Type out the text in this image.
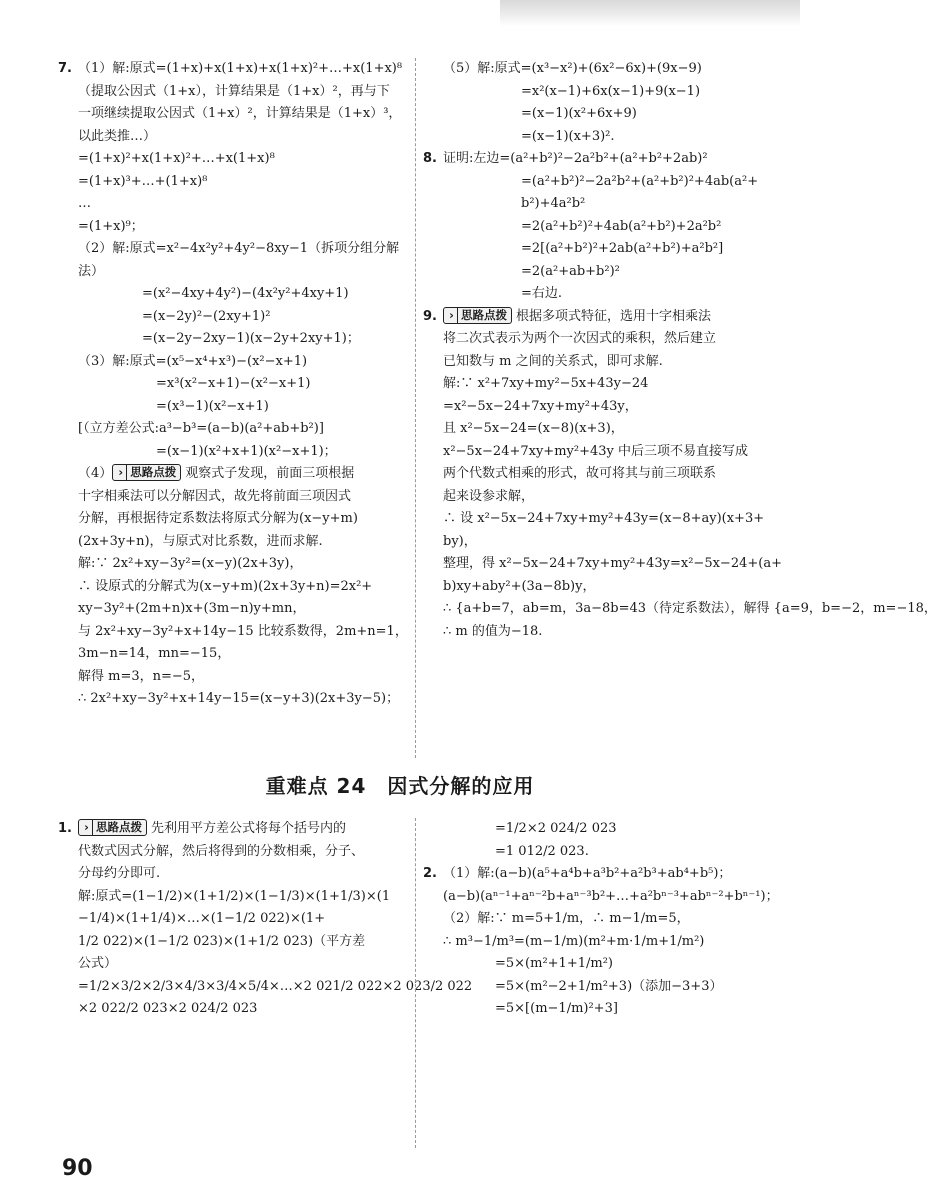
7. （1）解:原式=(1+x)+x(1+x)+x(1+x)²+…+x(1+x)⁸
（提取公因式（1+x），计算结果是（1+x）²，再与下
一项继续提取公因式（1+x）²，计算结果是（1+x）³，
以此类推…）
=(1+x)²+x(1+x)²+…+x(1+x)⁸
=(1+x)³+…+(1+x)⁸
…
=(1+x)⁹；
（2）解:原式=x²−4x²y²+4y²−8xy−1（拆项分组分解
法）
=(x²−4xy+4y²)−(4x²y²+4xy+1)
=(x−2y)²−(2xy+1)²
=(x−2y−2xy−1)(x−2y+2xy+1)；
（3）解:原式=(x⁵−x⁴+x³)−(x²−x+1)
=x³(x²−x+1)−(x²−x+1)
=(x³−1)(x²−x+1)
[（立方差公式:a³−b³=(a−b)(a²+ab+b²)]
=(x−1)(x²+x+1)(x²−x+1)；
（4） › 思路点拨 观察式子发现，前面三项根据
十字相乘法可以分解因式，故先将前面三项因式
分解，再根据待定系数法将原式分解为(x−y+m)
(2x+3y+n)，与原式对比系数，进而求解.
解:∵ 2x²+xy−3y²=(x−y)(2x+3y)，
∴ 设原式的分解式为(x−y+m)(2x+3y+n)=2x²+
xy−3y²+(2m+n)x+(3m−n)y+mn，
与 2x²+xy−3y²+x+14y−15 比较系数得，2m+n=1，
3m−n=14，mn=−15，
解得 m=3，n=−5，
∴ 2x²+xy−3y²+x+14y−15=(x−y+3)(2x+3y−5)；
（5）解:原式=(x³−x²)+(6x²−6x)+(9x−9)
=x²(x−1)+6x(x−1)+9(x−1)
=(x−1)(x²+6x+9)
=(x−1)(x+3)².
8. 证明:左边=(a²+b²)²−2a²b²+(a²+b²+2ab)²
=(a²+b²)²−2a²b²+(a²+b²)²+4ab(a²+
b²)+4a²b²
=2(a²+b²)²+4ab(a²+b²)+2a²b²
=2[(a²+b²)²+2ab(a²+b²)+a²b²]
=2(a²+ab+b²)²
=右边.
9. › 思路点拨 根据多项式特征，选用十字相乘法
将二次式表示为两个一次因式的乘积，然后建立
已知数与 m 之间的关系式，即可求解.
解:∵ x²+7xy+my²−5x+43y−24
=x²−5x−24+7xy+my²+43y，
且 x²−5x−24=(x−8)(x+3)，
x²−5x−24+7xy+my²+43y 中后三项不易直接写成
两个代数式相乘的形式，故可将其与前三项联系
起来设参求解，
∴ 设 x²−5x−24+7xy+my²+43y=(x−8+ay)(x+3+
by)，
整理，得 x²−5x−24+7xy+my²+43y=x²−5x−24+(a+
b)xy+aby²+(3a−8b)y，
∴ {a+b=7，ab=m，3a−8b=43（待定系数法），解得 {a=9，b=−2，m=−18，
∴ m 的值为−18.
重难点 24　因式分解的应用
1. › 思路点拨 先利用平方差公式将每个括号内的
代数式因式分解，然后将得到的分数相乘，分子、
分母约分即可.
解:原式=(1−1/2)×(1+1/2)×(1−1/3)×(1+1/3)×(1
−1/4)×(1+1/4)×…×(1−1/2 022)×(1+
1/2 022)×(1−1/2 023)×(1+1/2 023)（平方差
公式）
=1/2×3/2×2/3×4/3×3/4×5/4×…×2 021/2 022×2 023/2 022
×2 022/2 023×2 024/2 023
=1/2×2 024/2 023
=1 012/2 023.
2. （1）解:(a−b)(a⁵+a⁴b+a³b²+a²b³+ab⁴+b⁵)；
(a−b)(aⁿ⁻¹+aⁿ⁻²b+aⁿ⁻³b²+…+a²bⁿ⁻³+abⁿ⁻²+bⁿ⁻¹)；
（2）解:∵ m=5+1/m，∴ m−1/m=5，
∴ m³−1/m³=(m−1/m)(m²+m·1/m+1/m²)
=5×(m²+1+1/m²)
=5×(m²−2+1/m²+3)（添加−3+3）
=5×[(m−1/m)²+3]
90
